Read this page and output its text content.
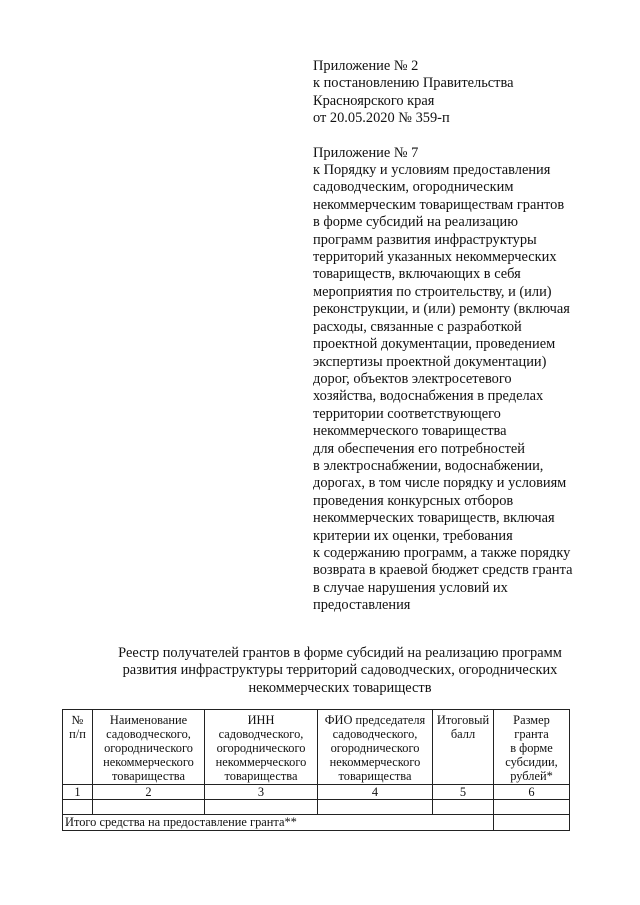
Приложение № 2
к постановлению Правительства
Красноярского края
от 20.05.2020 № 359-п
Приложение № 7
к Порядку и условиям предоставления
садоводческим, огородническим
некоммерческим товариществам грантов
в форме субсидий на реализацию
программ развития инфраструктуры
территорий указанных некоммерческих
товариществ, включающих в себя
мероприятия по строительству, и (или)
реконструкции, и (или) ремонту (включая
расходы, связанные с разработкой
проектной документации, проведением
экспертизы проектной документации)
дорог, объектов электросетевого
хозяйства, водоснабжения в пределах
территории соответствующего
некоммерческого товарищества
для обеспечения его потребностей
в электроснабжении, водоснабжении,
дорогах, в том числе порядку и условиям
проведения конкурсных отборов
некоммерческих товариществ, включая
критерии их оценки, требования
к содержанию программ, а также порядку
возврата в краевой бюджет средств гранта
в случае нарушения условий их
предоставления
Реестр получателей грантов в форме субсидий на реализацию программ
развития инфраструктуры территорий садоводческих, огороднических
некоммерческих товариществ
№
п/п	Наименование
садоводческого,
огороднического
некоммерческого
товарищества	ИНН
садоводческого,
огороднического
некоммерческого
товарищества	ФИО председателя
садоводческого,
огороднического
некоммерческого
товарищества	Итоговый
балл	Размер
гранта
в форме
субсидии,
рублей*

1	2	3	4	5	6

Итого средства на предоставление гранта**					
